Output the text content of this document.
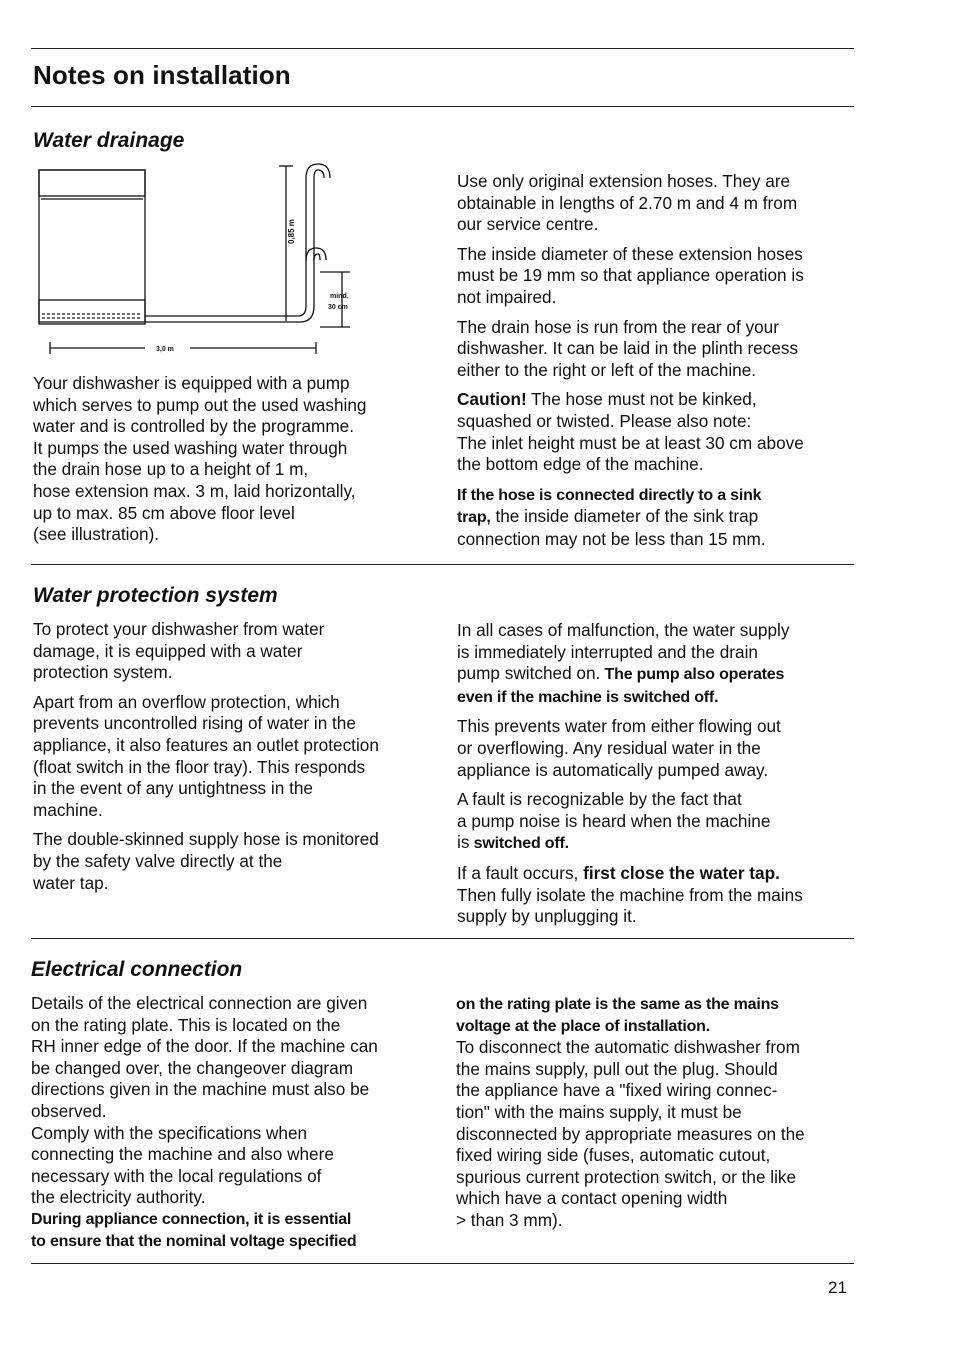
Notes on installation
Water drainage
0,85 m
mind.
30 cm
3,0 m
Your dishwasher is equipped with a pump
which serves to pump out the used washing
water and is controlled by the programme.
It pumps the used washing water through
the drain hose up to a height of 1 m,
hose extension max. 3 m, laid horizontally,
up to max. 85 cm above floor level
(see illustration).

Use only original extension hoses. They are
obtainable in lengths of 2.70 m and 4 m from
our service centre.

The inside diameter of these extension hoses
must be 19 mm so that appliance operation is
not impaired.

The drain hose is run from the rear of your
dishwasher. It can be laid in the plinth recess
either to the right or left of the machine.

Caution! The hose must not be kinked,
squashed or twisted. Please also note:
The inlet height must be at least 30 cm above
the bottom edge of the machine.

If the hose is connected directly to a sink
trap, the inside diameter of the sink trap
connection may not be less than 15 mm.

Water protection system

To protect your dishwasher from water
damage, it is equipped with a water
protection system.

Apart from an overflow protection, which
prevents uncontrolled rising of water in the
appliance, it also features an outlet protection
(float switch in the floor tray). This responds
in the event of any untightness in the
machine.

The double-skinned supply hose is monitored
by the safety valve directly at the
water tap.

In all cases of malfunction, the water supply
is immediately interrupted and the drain
pump switched on. The pump also operates
even if the machine is switched off.

This prevents water from either flowing out
or overflowing. Any residual water in the
appliance is automatically pumped away.

A fault is recognizable by the fact that
a pump noise is heard when the machine
is switched off.

If a fault occurs, first close the water tap.
Then fully isolate the machine from the mains
supply by unplugging it.

Electrical connection
Details of the electrical connection are given
on the rating plate. This is located on the
RH inner edge of the door. If the machine can
be changed over, the changeover diagram
directions given in the machine must also be
observed.
Comply with the specifications when
connecting the machine and also where
necessary with the local regulations of
the electricity authority.
During appliance connection, it is essential
to ensure that the nominal voltage specified
on the rating plate is the same as the mains
voltage at the place of installation.
To disconnect the automatic dishwasher from
the mains supply, pull out the plug. Should
the appliance have a "fixed wiring connec-
tion" with the mains supply, it must be
disconnected by appropriate measures on the
fixed wiring side (fuses, automatic cutout,
spurious current protection switch, or the like
which have a contact opening width
> than 3 mm).
21
